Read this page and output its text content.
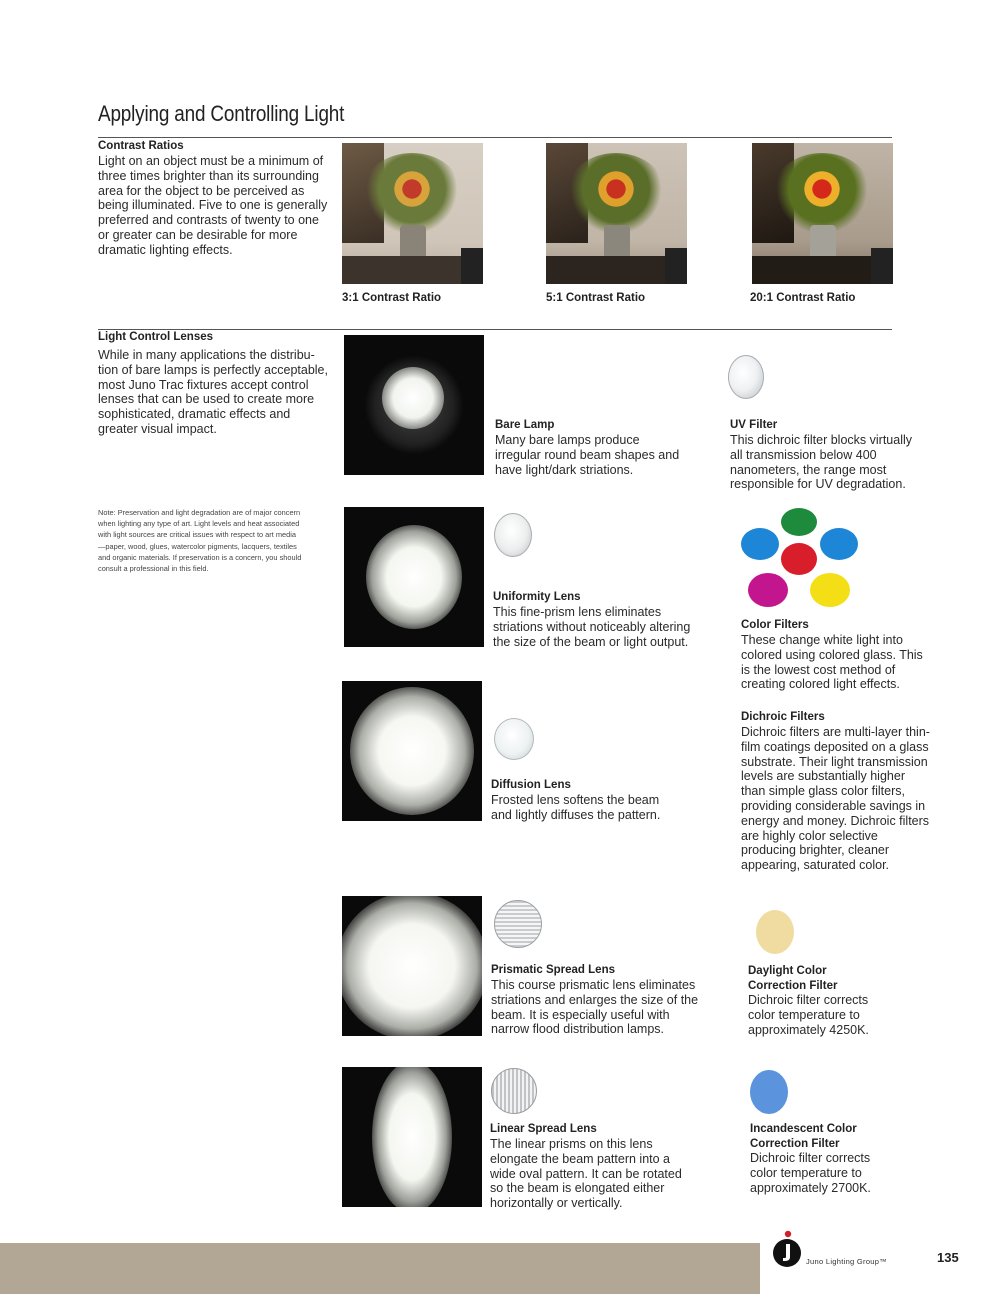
Applying and Controlling Light
Contrast Ratios
Light on an object must be a minimum of three times brighter than its surrounding area for the object to be perceived as being illuminated. Five to one is generally preferred and contrasts of twenty to one or greater can be desirable for more dramatic lighting effects.
3:1 Contrast Ratio	5:1 Contrast Ratio	20:1 Contrast Ratio
Light Control Lenses
While in many applications the distribu-tion of bare lamps is perfectly acceptable, most Juno Trac fixtures accept control lenses that can be used to create more sophisticated, dramatic effects and greater visual impact.
Note: Preservation and light degradation are of major concern when lighting any type of art. Light levels and heat associated with light sources are critical issues with respect to art media—paper, wood, glues, watercolor pigments, lacquers, textiles and organic materials. If preservation is a concern, you should consult a professional in this field.
Bare Lamp
Many bare lamps produce irregular round beam shapes and have light/dark striations.
UV Filter
This dichroic filter blocks virtually all transmission below 400 nanometers, the range most responsible for UV degradation.
Uniformity Lens
This fine-prism lens eliminates striations without noticeably altering the size of the beam or light output.
Color Filters
These change white light into colored using colored glass. This is the lowest cost method of creating colored light effects.
Dichroic Filters
Dichroic filters are multi-layer thin-film coatings deposited on a glass substrate. Their light transmission levels are substantially higher than simple glass color filters, providing considerable savings in energy and money. Dichroic filters are highly color selective producing brighter, cleaner appearing, saturated color.
Diffusion Lens
Frosted lens softens the beam and lightly diffuses the pattern.
Prismatic Spread Lens
This course prismatic lens eliminates striations and enlarges the size of the beam. It is especially useful with narrow flood distribution lamps.
Daylight Color
Correction Filter
Dichroic filter corrects color temperature to approximately 4250K.
Linear Spread Lens
The linear prisms on this lens elongate the beam pattern into a wide oval pattern. It can be rotated so the beam is elongated either horizontally or vertically.
Incandescent Color
Correction Filter
Dichroic filter corrects color temperature to approximately 2700K.
Juno Lighting Group™	135
